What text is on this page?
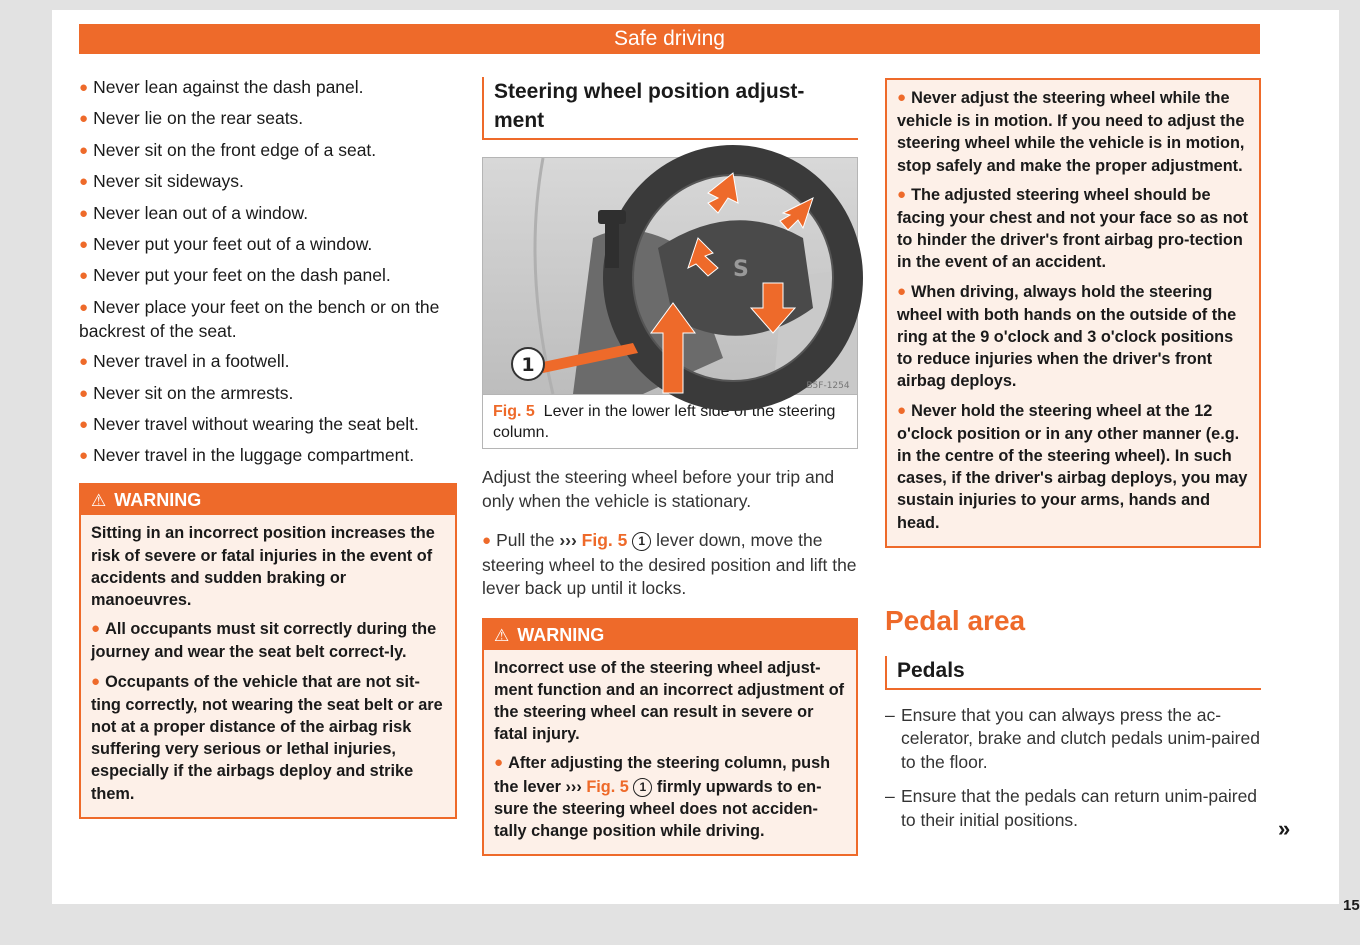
Safe driving
● Never lean against the dash panel.
● Never lie on the rear seats.
● Never sit on the front edge of a seat.
● Never sit sideways.
● Never lean out of a window.
● Never put your feet out of a window.
● Never put your feet on the dash panel.
● Never place your feet on the bench or on the backrest of the seat.
● Never travel in a footwell.
● Never sit on the armrests.
● Never travel without wearing the seat belt.
● Never travel in the luggage compartment.
⚠ WARNING

Sitting in an incorrect position increases the risk of severe or fatal injuries in the event of accidents and sudden braking or manoeuvres.

● All occupants must sit correctly during the journey and wear the seat belt correct-ly.

● Occupants of the vehicle that are not sit-ting correctly, not wearing the seat belt or are not at a proper distance of the airbag risk suffering very serious or lethal injuries, especially if the airbags deploy and strike them.

Steering wheel position adjust-
ment
S
1
B5F-1254
Fig. 5 Lever in the lower left side of the steering column.
Adjust the steering wheel before your trip and only when the vehicle is stationary.
● Pull the ››› Fig. 5 1 lever down, move the steering wheel to the desired position and lift the lever back up until it locks.
⚠ WARNING

Incorrect use of the steering wheel adjust-ment function and an incorrect adjustment of the steering wheel can result in severe or fatal injury.

● After adjusting the steering column, push the lever ››› Fig. 5 1 firmly upwards to en-sure the steering wheel does not acciden-tally change position while driving.

● Never adjust the steering wheel while the vehicle is in motion. If you need to adjust the steering wheel while the vehicle is in motion, stop safely and make the proper adjustment.

● The adjusted steering wheel should be facing your chest and not your face so as not to hinder the driver's front airbag pro-tection in the event of an accident.

● When driving, always hold the steering wheel with both hands on the outside of the ring at the 9 o'clock and 3 o'clock positions to reduce injuries when the driver's front airbag deploys.

● Never hold the steering wheel at the 12 o'clock position or in any other manner (e.g. in the centre of the steering wheel). In such cases, if the driver's airbag deploys, you may sustain injuries to your arms, hands and head.

Pedal area
Pedals
– Ensure that you can always press the ac-celerator, brake and clutch pedals unim-paired to the floor.
– Ensure that the pedals can return unim-paired to their initial positions.	»
15
